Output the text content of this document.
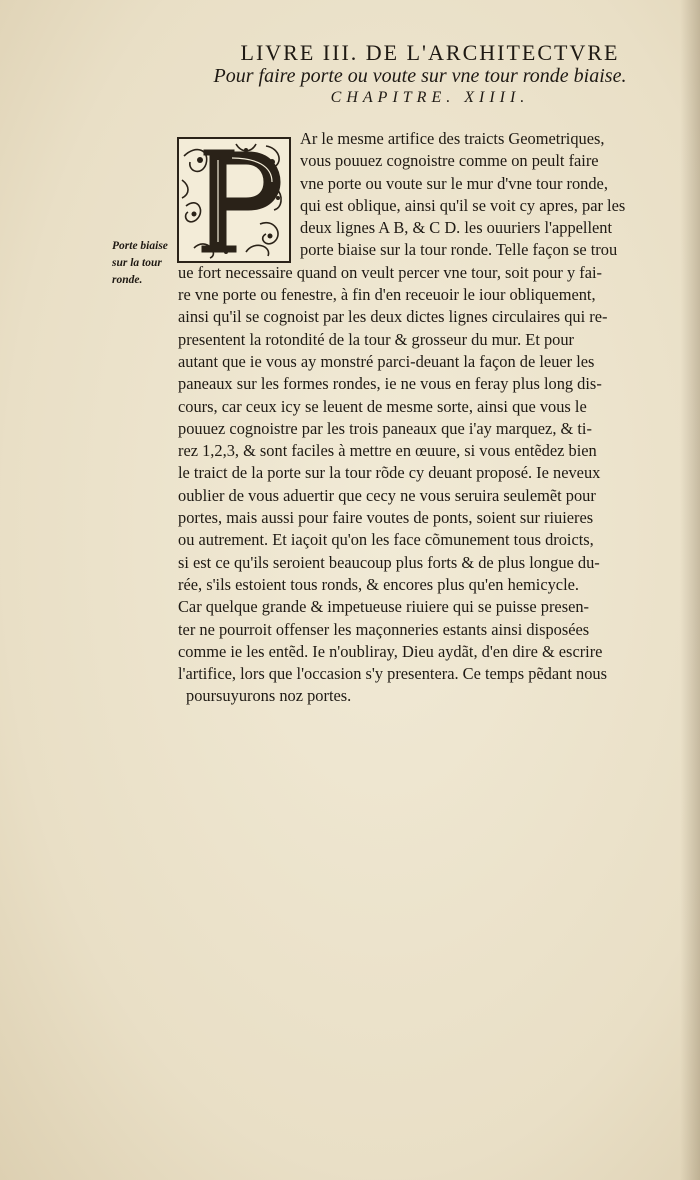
LIVRE III. DE L'ARCHITECTVRE
Pour faire porte ou voute sur vne tour ronde biaise.
CHAPITRE. XIIII.
Porte biaise
sur la tour
ronde.
Ar le mesme artifice des traicts Geometriques,
vous pouuez cognoistre comme on peult faire
vne porte ou voute sur le mur d'vne tour ronde,
qui est oblique, ainsi qu'il se voit cy apres, par les
deux lignes A B, & C D. les ouuriers l'appellent
porte biaise sur la tour ronde. Telle façon se trou
ue fort necessaire quand on veult percer vne tour, soit pour y fai-
re vne porte ou fenestre, à fin d'en receuoir le iour obliquement,
ainsi qu'il se cognoist par les deux dictes lignes circulaires qui re-
presentent la rotondité de la tour & grosseur du mur. Et pour
autant que ie vous ay monstré parci-deuant la façon de leuer les
paneaux sur les formes rondes, ie ne vous en feray plus long dis-
cours, car ceux icy se leuent de mesme sorte, ainsi que vous le
pouuez cognoistre par les trois paneaux que i'ay marquez, & ti-
rez 1,2,3, & sont faciles à mettre en œuure, si vous entẽdez bien
le traict de la porte sur la tour rõde cy deuant proposé. Ie neveux
oublier de vous aduertir que cecy ne vous seruira seulemẽt pour
portes, mais aussi pour faire voutes de ponts, soient sur riuieres
ou autrement. Et iaçoit qu'on les face cõmunement tous droicts,
si est ce qu'ils seroient beaucoup plus forts & de plus longue du-
rée, s'ils estoient tous ronds, & encores plus qu'en hemicycle.
Car quelque grande & impetueuse riuiere qui se puisse presen-
ter ne pourroit offenser les maçonneries estants ainsi disposées
comme ie les entẽd. Ie n'oubliray, Dieu aydãt, d'en dire & escrire
l'artifice, lors que l'occasion s'y presentera. Ce temps pẽdant nous
poursuyurons noz portes.
